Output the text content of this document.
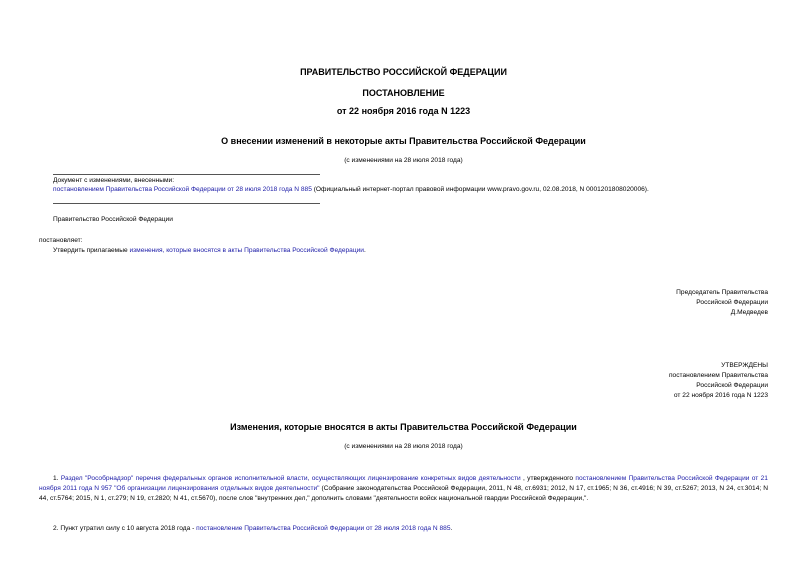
ПРАВИТЕЛЬСТВО РОССИЙСКОЙ ФЕДЕРАЦИИ
ПОСТАНОВЛЕНИЕ
от 22 ноября 2016 года N 1223
О внесении изменений в некоторые акты Правительства Российской Федерации
(с изменениями на 28 июля 2018 года)
Документ с изменениями, внесенными:
постановлением Правительства Российской Федерации от 28 июля 2018 года N 885 (Официальный интернет-портал правовой информации www.pravo.gov.ru, 02.08.2018, N 0001201808020006).
Правительство Российской Федерации
постановляет:
Утвердить прилагаемые изменения, которые вносятся в акты Правительства Российской Федерации.
Председатель Правительства
Российской Федерации
Д.Медведев
УТВЕРЖДЕНЫ
постановлением Правительства
Российской Федерации
от 22 ноября 2016 года N 1223
Изменения, которые вносятся в акты Правительства Российской Федерации
(с изменениями на 28 июля 2018 года)
1. Раздел "Рособрнадзор" перечня федеральных органов исполнительной власти, осуществляющих лицензирование конкретных видов деятельности , утвержденного постановлением Правительства Российской Федерации от 21 ноября 2011 года N 957 "Об организации лицензирования отдельных видов деятельности" (Собрание законодательства Российской Федерации, 2011, N 48, ст.6931; 2012, N 17, ст.1965; N 36, ст.4916; N 39, ст.5267; 2013, N 24, ст.3014; N 44, ст.5764; 2015, N 1, ст.279; N 19, ст.2820; N 41, ст.5670), после слов "внутренних дел," дополнить словами "деятельности войск национальной гвардии Российской Федерации,".
2. Пункт утратил силу с 10 августа 2018 года - постановление Правительства Российской Федерации от 28 июля 2018 года N 885.
